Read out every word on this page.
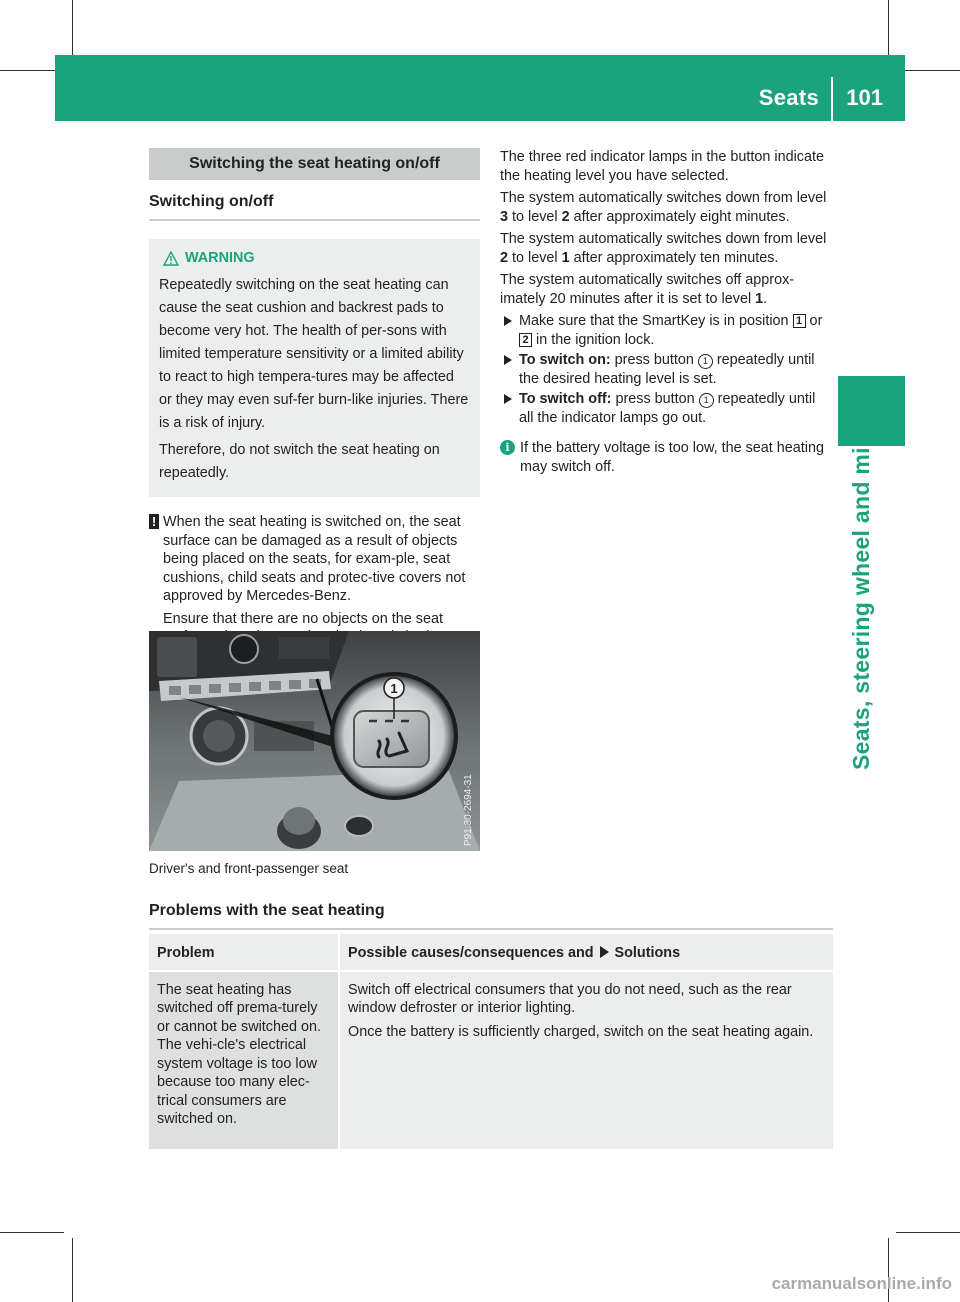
Seats 101
Seats, steering wheel and mirrors
Switching the seat heating on/off
Switching on/off
WARNING

Repeatedly switching on the seat heating can cause the seat cushion and backrest pads to become very hot. The health of per-sons with limited temperature sensitivity or a limited ability to react to high tempera-tures may be affected or they may even suf-fer burn-like injuries. There is a risk of injury.

Therefore, do not switch the seat heating on repeatedly.

! When the seat heating is switched on, the seat surface can be damaged as a result of objects being placed on the seats, for exam-ple, seat cushions, child seats and protec-tive covers not approved by Mercedes-Benz.

Ensure that there are no objects on the seat

1
P91.30-2694-31
Driver's and front-passenger seat

The three red indicator lamps in the button indicate the heating level you have selected.

The system automatically switches down from level 3 to level 2 after approximately eight minutes.

The system automatically switches down from level 2 to level 1 after approximately ten minutes.

The system automatically switches off approx-imately 20 minutes after it is set to level 1.

Make sure that the SmartKey is in position 1 or 2 in the ignition lock.
To switch on: press button 1 repeatedly until the desired heating level is set.
To switch off: press button 1 repeatedly until all the indicator lamps go out.
i If the battery voltage is too low, the seat heating may switch off.
Problems with the seat heating
Problem	Possible causes/consequences and  Solutions
The seat heating has switched off prema-turely or cannot be switched on. The vehi-cle's electrical system voltage is too low because too many elec-trical consumers are switched on.	Switch off electrical consumers that you do not need, such as the rear window defroster or interior lighting.

Once the battery is sufficiently charged, switch on the seat heating again.

carmanualsonline.info
